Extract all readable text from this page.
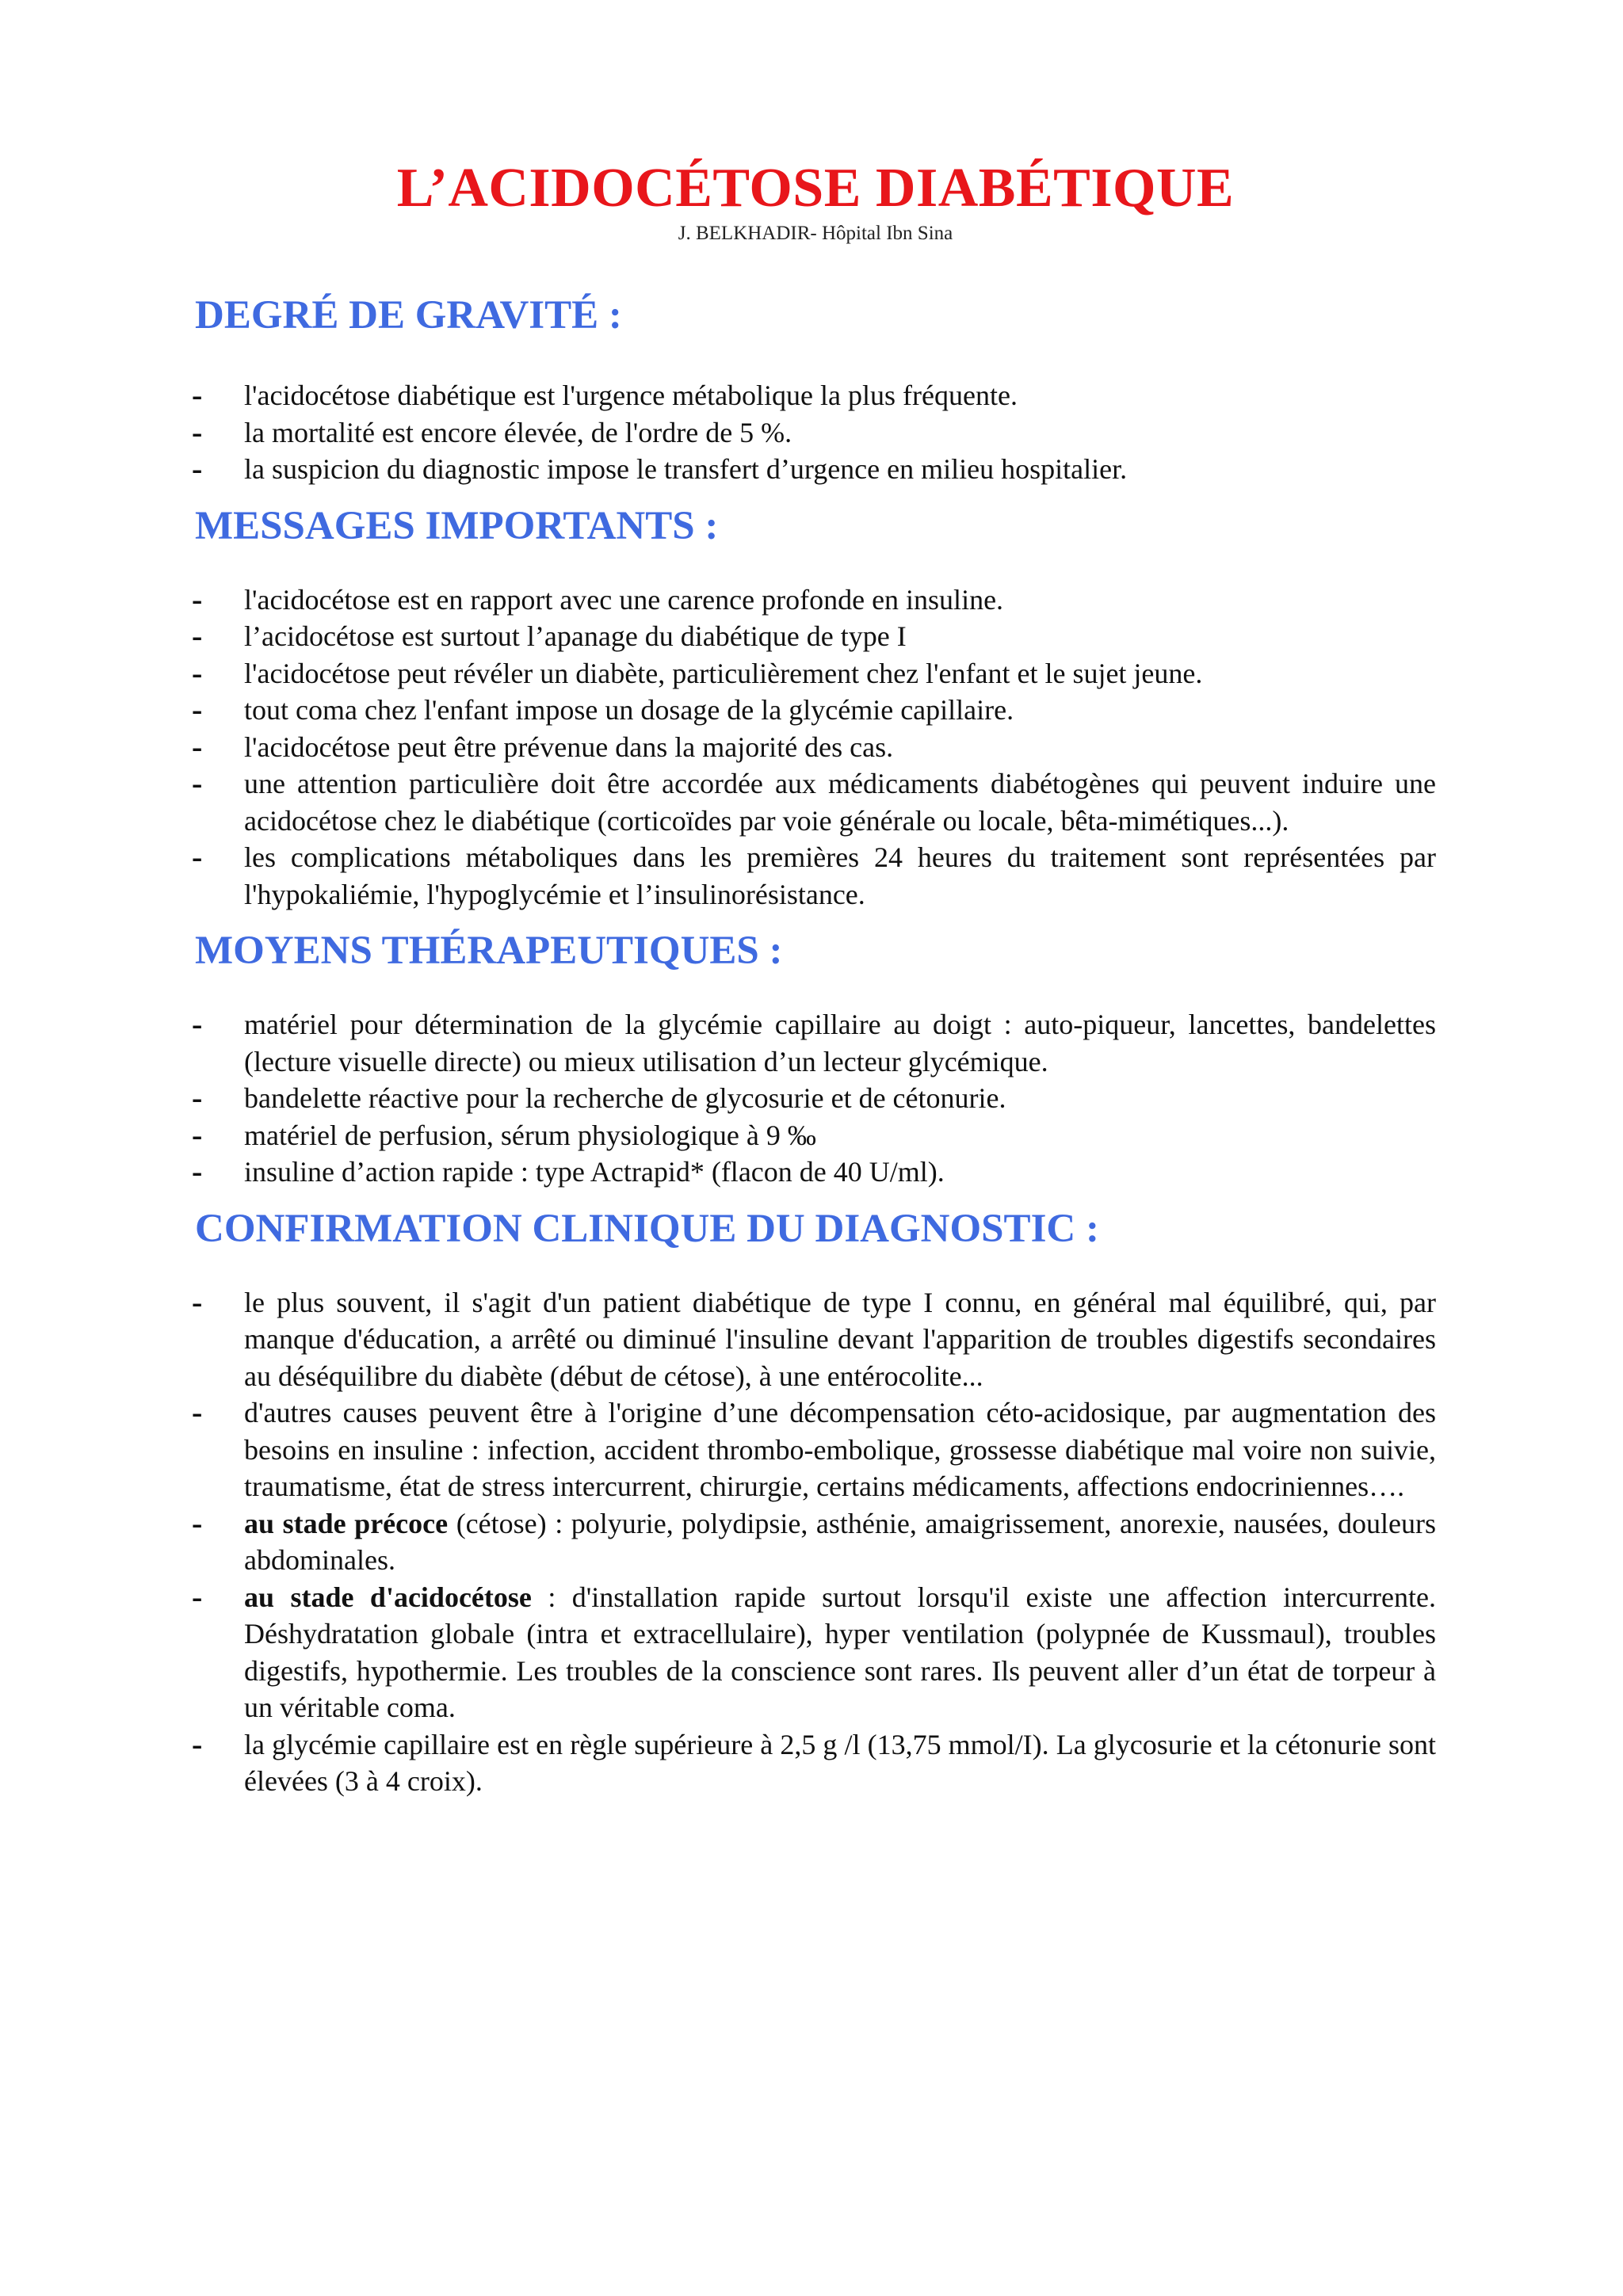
L’ACIDOCÉTOSE DIABÉTIQUE
J. BELKHADIR- Hôpital Ibn Sina
DEGRÉ DE GRAVITÉ :
- l'acidocétose diabétique est l'urgence métabolique la plus fréquente.
- la mortalité est encore élevée, de l'ordre de 5 %.
- la suspicion du diagnostic impose le transfert d’urgence en milieu hospitalier.
MESSAGES IMPORTANTS :
- l'acidocétose est en rapport avec une carence profonde en insuline.
- l’acidocétose est surtout l’apanage du diabétique de type I
- l'acidocétose peut révéler un diabète, particulièrement chez l'enfant et le sujet jeune.
- tout coma chez l'enfant impose un dosage de la glycémie capillaire.
- l'acidocétose peut être prévenue dans la majorité des cas.
- une attention particulière doit être accordée aux médicaments diabétogènes qui peuvent induire une acidocétose chez le diabétique (corticoïdes par voie générale ou locale, bêta-mimétiques...).
- les complications métaboliques dans les premières 24 heures du traitement sont représentées par l'hypokaliémie, l'hypoglycémie et l’insulinorésistance.
MOYENS THÉRAPEUTIQUES :
- matériel pour détermination de la glycémie capillaire au doigt : auto-piqueur, lancettes, bandelettes (lecture visuelle directe) ou mieux utilisation d’un lecteur glycémique.
- bandelette réactive pour la recherche de glycosurie et de cétonurie.
- matériel de perfusion, sérum physiologique à 9 ‰
- insuline d’action rapide : type Actrapid* (flacon de 40 U/ml).
CONFIRMATION CLINIQUE DU DIAGNOSTIC :
- le plus souvent, il s'agit d'un patient diabétique de type I connu, en général mal équilibré, qui, par manque d'éducation, a arrêté ou diminué l'insuline devant l'apparition de troubles digestifs secondaires au déséquilibre du diabète (début de cétose), à une entérocolite...
- d'autres causes peuvent être à l'origine d’une décompensation céto-acidosique, par augmentation des besoins en insuline : infection, accident thrombo-embolique, grossesse diabétique mal voire non suivie, traumatisme, état de stress intercurrent, chirurgie, certains médicaments, affections endocriniennes….
- au stade précoce (cétose) : polyurie, polydipsie, asthénie, amaigrissement, anorexie, nausées, douleurs abdominales.
- au stade d'acidocétose : d'installation rapide surtout lorsqu'il existe une affection intercurrente. Déshydratation globale (intra et extracellulaire), hyper ventilation (polypnée de Kussmaul), troubles digestifs, hypothermie. Les troubles de la conscience sont rares. Ils peuvent aller d’un état de torpeur à un véritable coma.
- la glycémie capillaire est en règle supérieure à 2,5 g /l (13,75 mmol/I). La glycosurie et la cétonurie sont élevées (3 à 4 croix).
